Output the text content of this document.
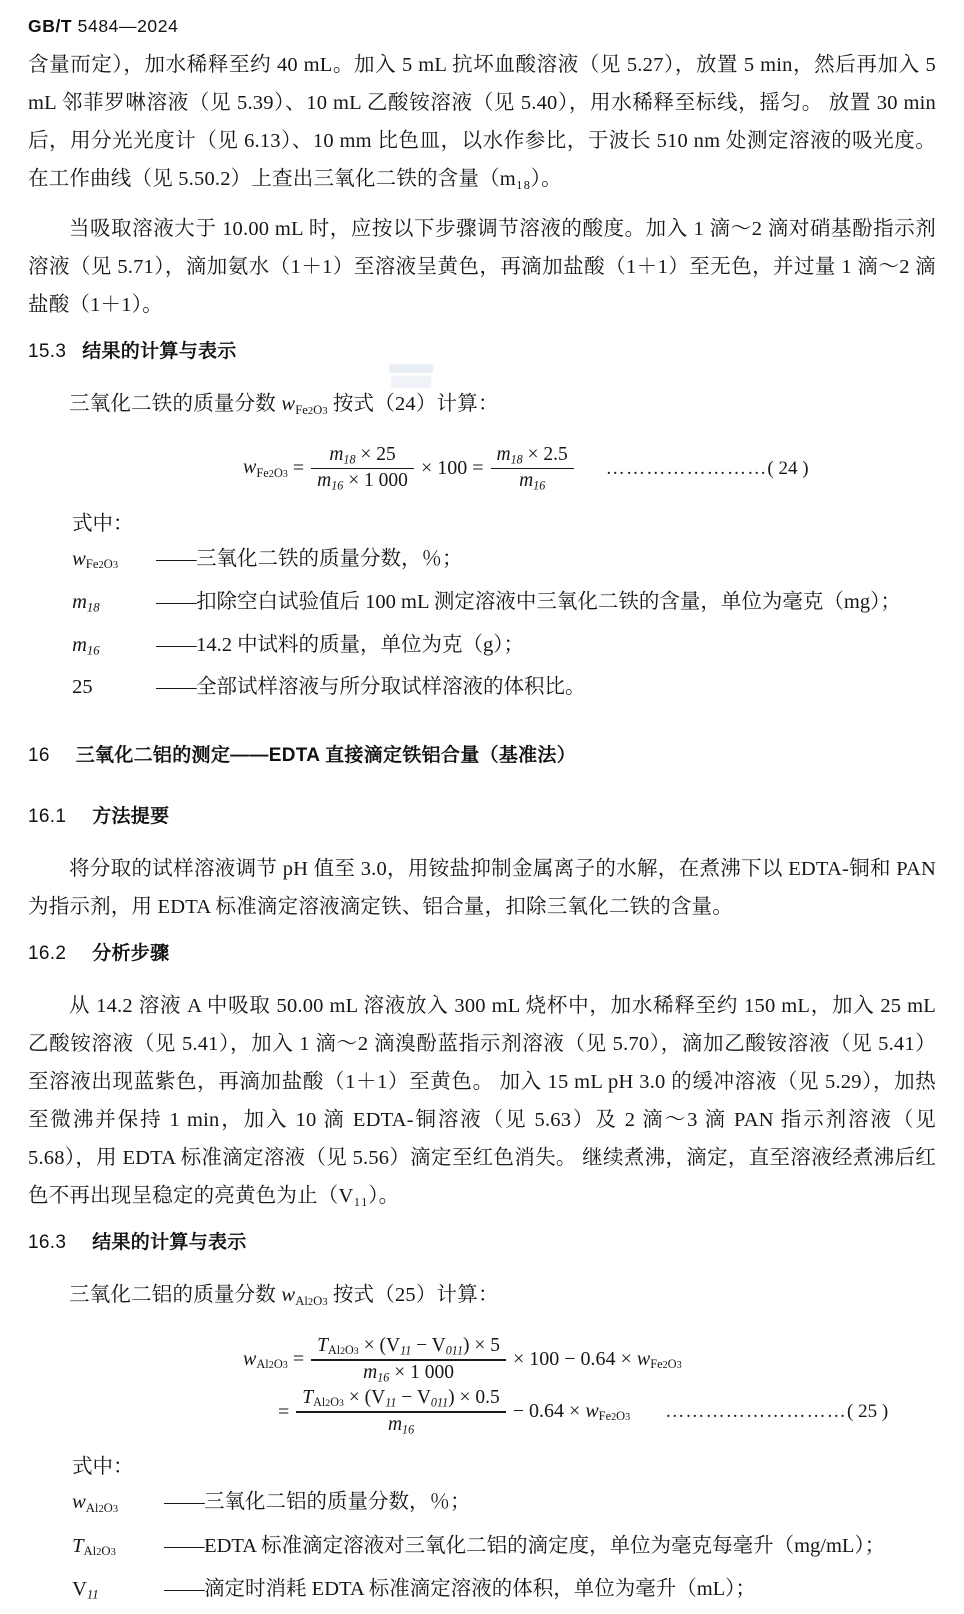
GB/T 5484—2024

含量而定），加水稀释至约 40 mL。加入 5 mL 抗坏血酸溶液（见 5.27），放置 5 min，然后再加入 5 mL 邻菲罗啉溶液（见 5.39）、10 mL 乙酸铵溶液（见 5.40），用水稀释至标线，摇匀。 放置 30 min 后，用分光光度计（见 6.13）、10 mm 比色皿，以水作参比，于波长 510 nm 处测定溶液的吸光度。 在工作曲线（见 5.50.2）上查出三氧化二铁的含量（m₁₈）。

当吸取溶液大于 10.00 mL 时，应按以下步骤调节溶液的酸度。加入 1 滴～2 滴对硝基酚指示剂溶液（见 5.71），滴加氨水（1＋1）至溶液呈黄色，再滴加盐酸（1＋1）至无色，并过量 1 滴～2 滴盐酸（1＋1）。

15.3 结果的计算与表示

三氧化二铁的质量分数 $w_{Fe2O3}$ 按式（24）计算：

$w_{Fe2O3} = \frac{m_{18} \times 25}{m_{16} \times 1 000} \times 100 = \frac{m_{18} \times 2.5}{m_{16}}$ …………………… ( 24 )

式中：

$w_{Fe2O3}$	—— 三氧化二铁的质量分数，％；
$m_{18}$	—— 扣除空白试验值后 100 mL 测定溶液中三氧化二铁的含量，单位为毫克（mg）；
$m_{16}$	—— 14.2 中试料的质量，单位为克（g）；
25	—— 全部试样溶液与所分取试样溶液的体积比。
16 三氧化二铝的测定——EDTA 直接滴定铁铝合量（基准法）
16.1 方法提要

将分取的试样溶液调节 pH 值至 3.0，用铵盐抑制金属离子的水解，在煮沸下以 EDTA-铜和 PAN 为指示剂，用 EDTA 标准滴定溶液滴定铁、铝合量，扣除三氧化二铁的含量。

16.2 分析步骤

从 14.2 溶液 A 中吸取 50.00 mL 溶液放入 300 mL 烧杯中，加水稀释至约 150 mL，加入 25 mL 乙酸铵溶液（见 5.41），加入 1 滴～2 滴溴酚蓝指示剂溶液（见 5.70），滴加乙酸铵溶液（见 5.41）至溶液出现蓝紫色，再滴加盐酸（1＋1）至黄色。 加入 15 mL pH 3.0 的缓冲溶液（见 5.29），加热至微沸并保持 1 min，加入 10 滴 EDTA-铜溶液（见 5.63）及 2 滴～3 滴 PAN 指示剂溶液（见 5.68），用 EDTA 标准滴定溶液（见 5.56）滴定至红色消失。 继续煮沸，滴定，直至溶液经煮沸后红色不再出现呈稳定的亮黄色为止（V₁₁）。

16.3 结果的计算与表示

三氧化二铝的质量分数 $w_{Al2O3}$ 按式（25）计算：

$w_{Al2O3} = \frac{T_{Al2O3} \times (V_{11} - V_{011}) \times 5}{m_{16} \times 1 000} \times 100 - 0.64 \times w_{Fe2O3}$
= $\frac{T_{Al2O3} \times (V_{11} - V_{011}) \times 0.5}{m_{16}} - 0.64 \times w_{Fe2O3}$ ……………………… ( 25 )

式中：

$w_{Al2O3}$	—— 三氧化二铝的质量分数，％；
$T_{Al2O3}$	—— EDTA 标准滴定溶液对三氧化二铝的滴定度，单位为毫克每毫升（mg/mL）；
$V_{11}$	—— 滴定时消耗 EDTA 标准滴定溶液的体积，单位为毫升（mL）；
